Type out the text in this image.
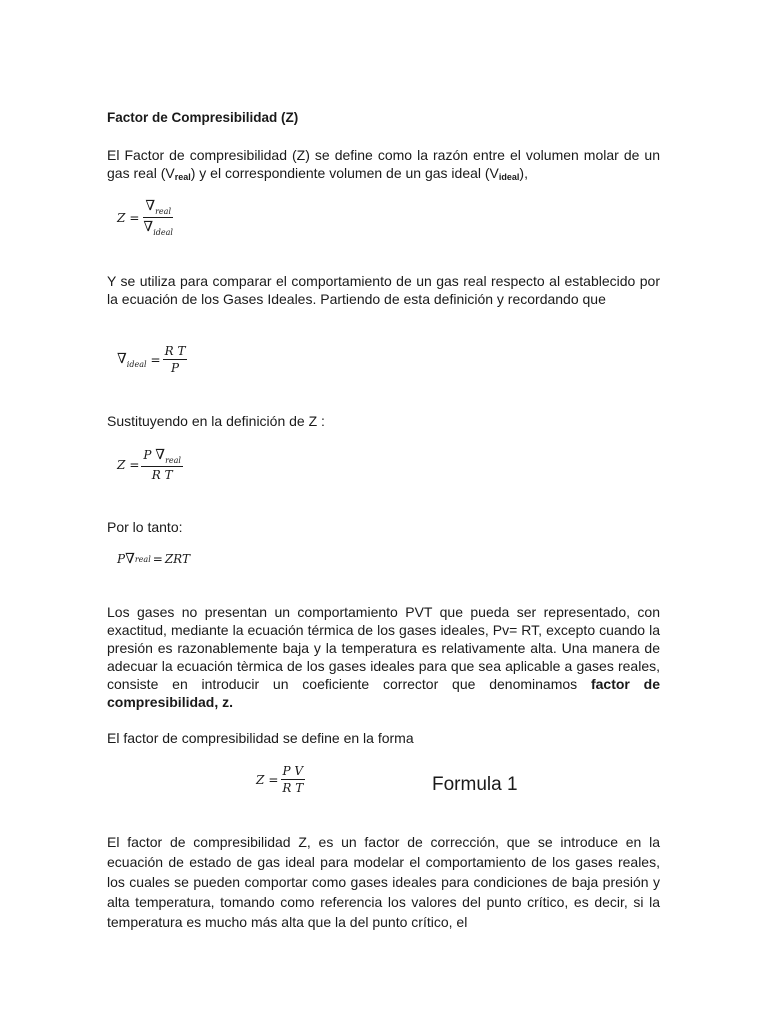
Factor de Compresibilidad (Z)

El Factor de compresibilidad (Z) se define como la razón entre el volumen molar de un gas real $(V_{real})$ y el correspondiente volumen de un gas ideal $(V_{ideal})$,

$Z = \frac{\nabla_{real}}{\nabla_{ideal}}$

Y se utiliza para comparar el comportamiento de un gas real respecto al establecido por la ecuación de los Gases Ideales. Partiendo de esta definición y recordando que

$\nabla_{ideal} = \frac{\text{R T}}{P}$

Sustituyendo en la definición de Z :

$Z = \frac{P \nabla_{real}}{\text{R T}}$

Por lo tanto:

P ∇ real = ZRT

Los gases no presentan un comportamiento PVT que pueda ser representado, con exactitud, mediante la ecuación térmica de los gases ideales, Pv= RT, excepto cuando la presión es razonablemente baja y la temperatura es relativamente alta. Una manera de adecuar la ecuación tèrmica de los gases ideales para que sea aplicable a gases reales, consiste en introducir un coeficiente corrector que denominamos factor de compresibilidad, z.

El factor de compresibilidad se define en la forma

$Z = \frac{\text{P V}}{\text{R T}}$	Formula 1

El factor de compresibilidad Z, es un factor de corrección, que se introduce en la ecuación de estado de gas ideal para modelar el comportamiento de los gases reales, los cuales se pueden comportar como gases ideales para condiciones de baja presión y alta temperatura, tomando como referencia los valores del punto crítico, es decir, si la temperatura es mucho más alta que la del punto crítico, el
